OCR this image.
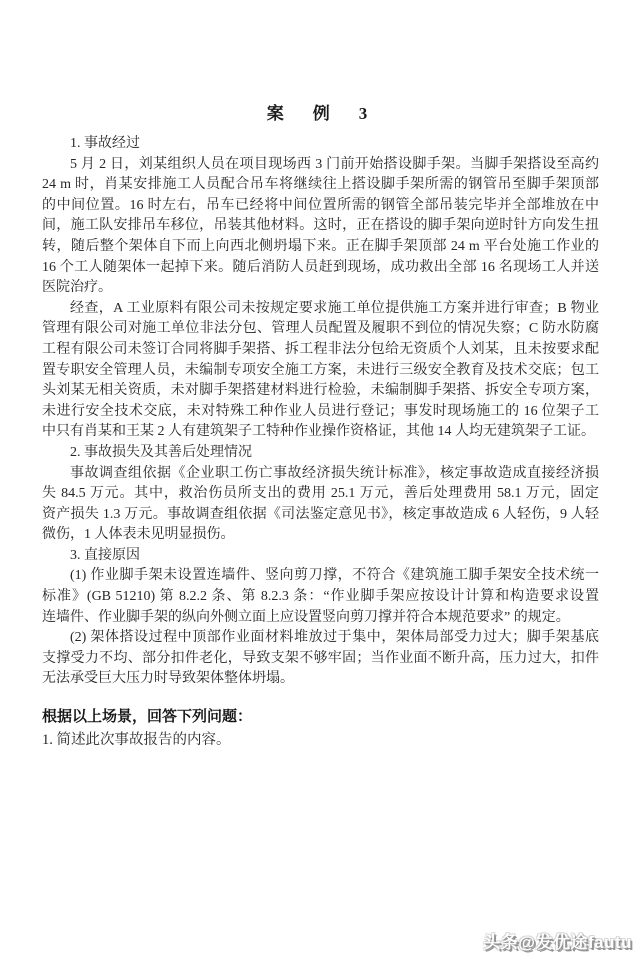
案　例　3
1. 事故经过
5 月 2 日，刘某组织人员在项目现场西 3 门前开始搭设脚手架。当脚手架搭设至高约
24 m 时，肖某安排施工人员配合吊车将继续往上搭设脚手架所需的钢管吊至脚手架顶部
的中间位置。16 时左右，吊车已经将中间位置所需的钢管全部吊装完毕并全部堆放在中
间，施工队安排吊车移位，吊装其他材料。这时，正在搭设的脚手架向逆时针方向发生扭
转，随后整个架体自下而上向西北侧坍塌下来。正在脚手架顶部 24 m 平台处施工作业的
16 个工人随架体一起掉下来。随后消防人员赶到现场，成功救出全部 16 名现场工人并送
医院治疗。
经查，A 工业原料有限公司未按规定要求施工单位提供施工方案并进行审查；B 物业
管理有限公司对施工单位非法分包、管理人员配置及履职不到位的情况失察；C 防水防腐
工程有限公司未签订合同将脚手架搭、拆工程非法分包给无资质个人刘某，且未按要求配
置专职安全管理人员，未编制专项安全施工方案，未进行三级安全教育及技术交底；包工
头刘某无相关资质，未对脚手架搭建材料进行检验，未编制脚手架搭、拆安全专项方案，
未进行安全技术交底，未对特殊工种作业人员进行登记；事发时现场施工的 16 位架子工
中只有肖某和王某 2 人有建筑架子工特种作业操作资格证，其他 14 人均无建筑架子工证。
2. 事故损失及其善后处理情况
事故调查组依据《企业职工伤亡事故经济损失统计标准》，核定事故造成直接经济损
失 84.5 万元。其中，救治伤员所支出的费用 25.1 万元，善后处理费用 58.1 万元，固定
资产损失 1.3 万元。事故调查组依据《司法鉴定意见书》，核定事故造成 6 人轻伤，9 人轻
微伤，1 人体表未见明显损伤。
3. 直接原因
(1) 作业脚手架未设置连墙件、竖向剪刀撑，不符合《建筑施工脚手架安全技术统一
标准》(GB 51210) 第 8.2.2 条、第 8.2.3 条：“作业脚手架应按设计计算和构造要求设置
连墙件、作业脚手架的纵向外侧立面上应设置竖向剪刀撑并符合本规范要求” 的规定。
(2) 架体搭设过程中顶部作业面材料堆放过于集中，架体局部受力过大；脚手架基底
支撑受力不均、部分扣件老化，导致支架不够牢固；当作业面不断升高，压力过大，扣件
无法承受巨大压力时导致架体整体坍塌。
根据以上场景，回答下列问题：
1. 简述此次事故报告的内容。
头条@发优途fautu
